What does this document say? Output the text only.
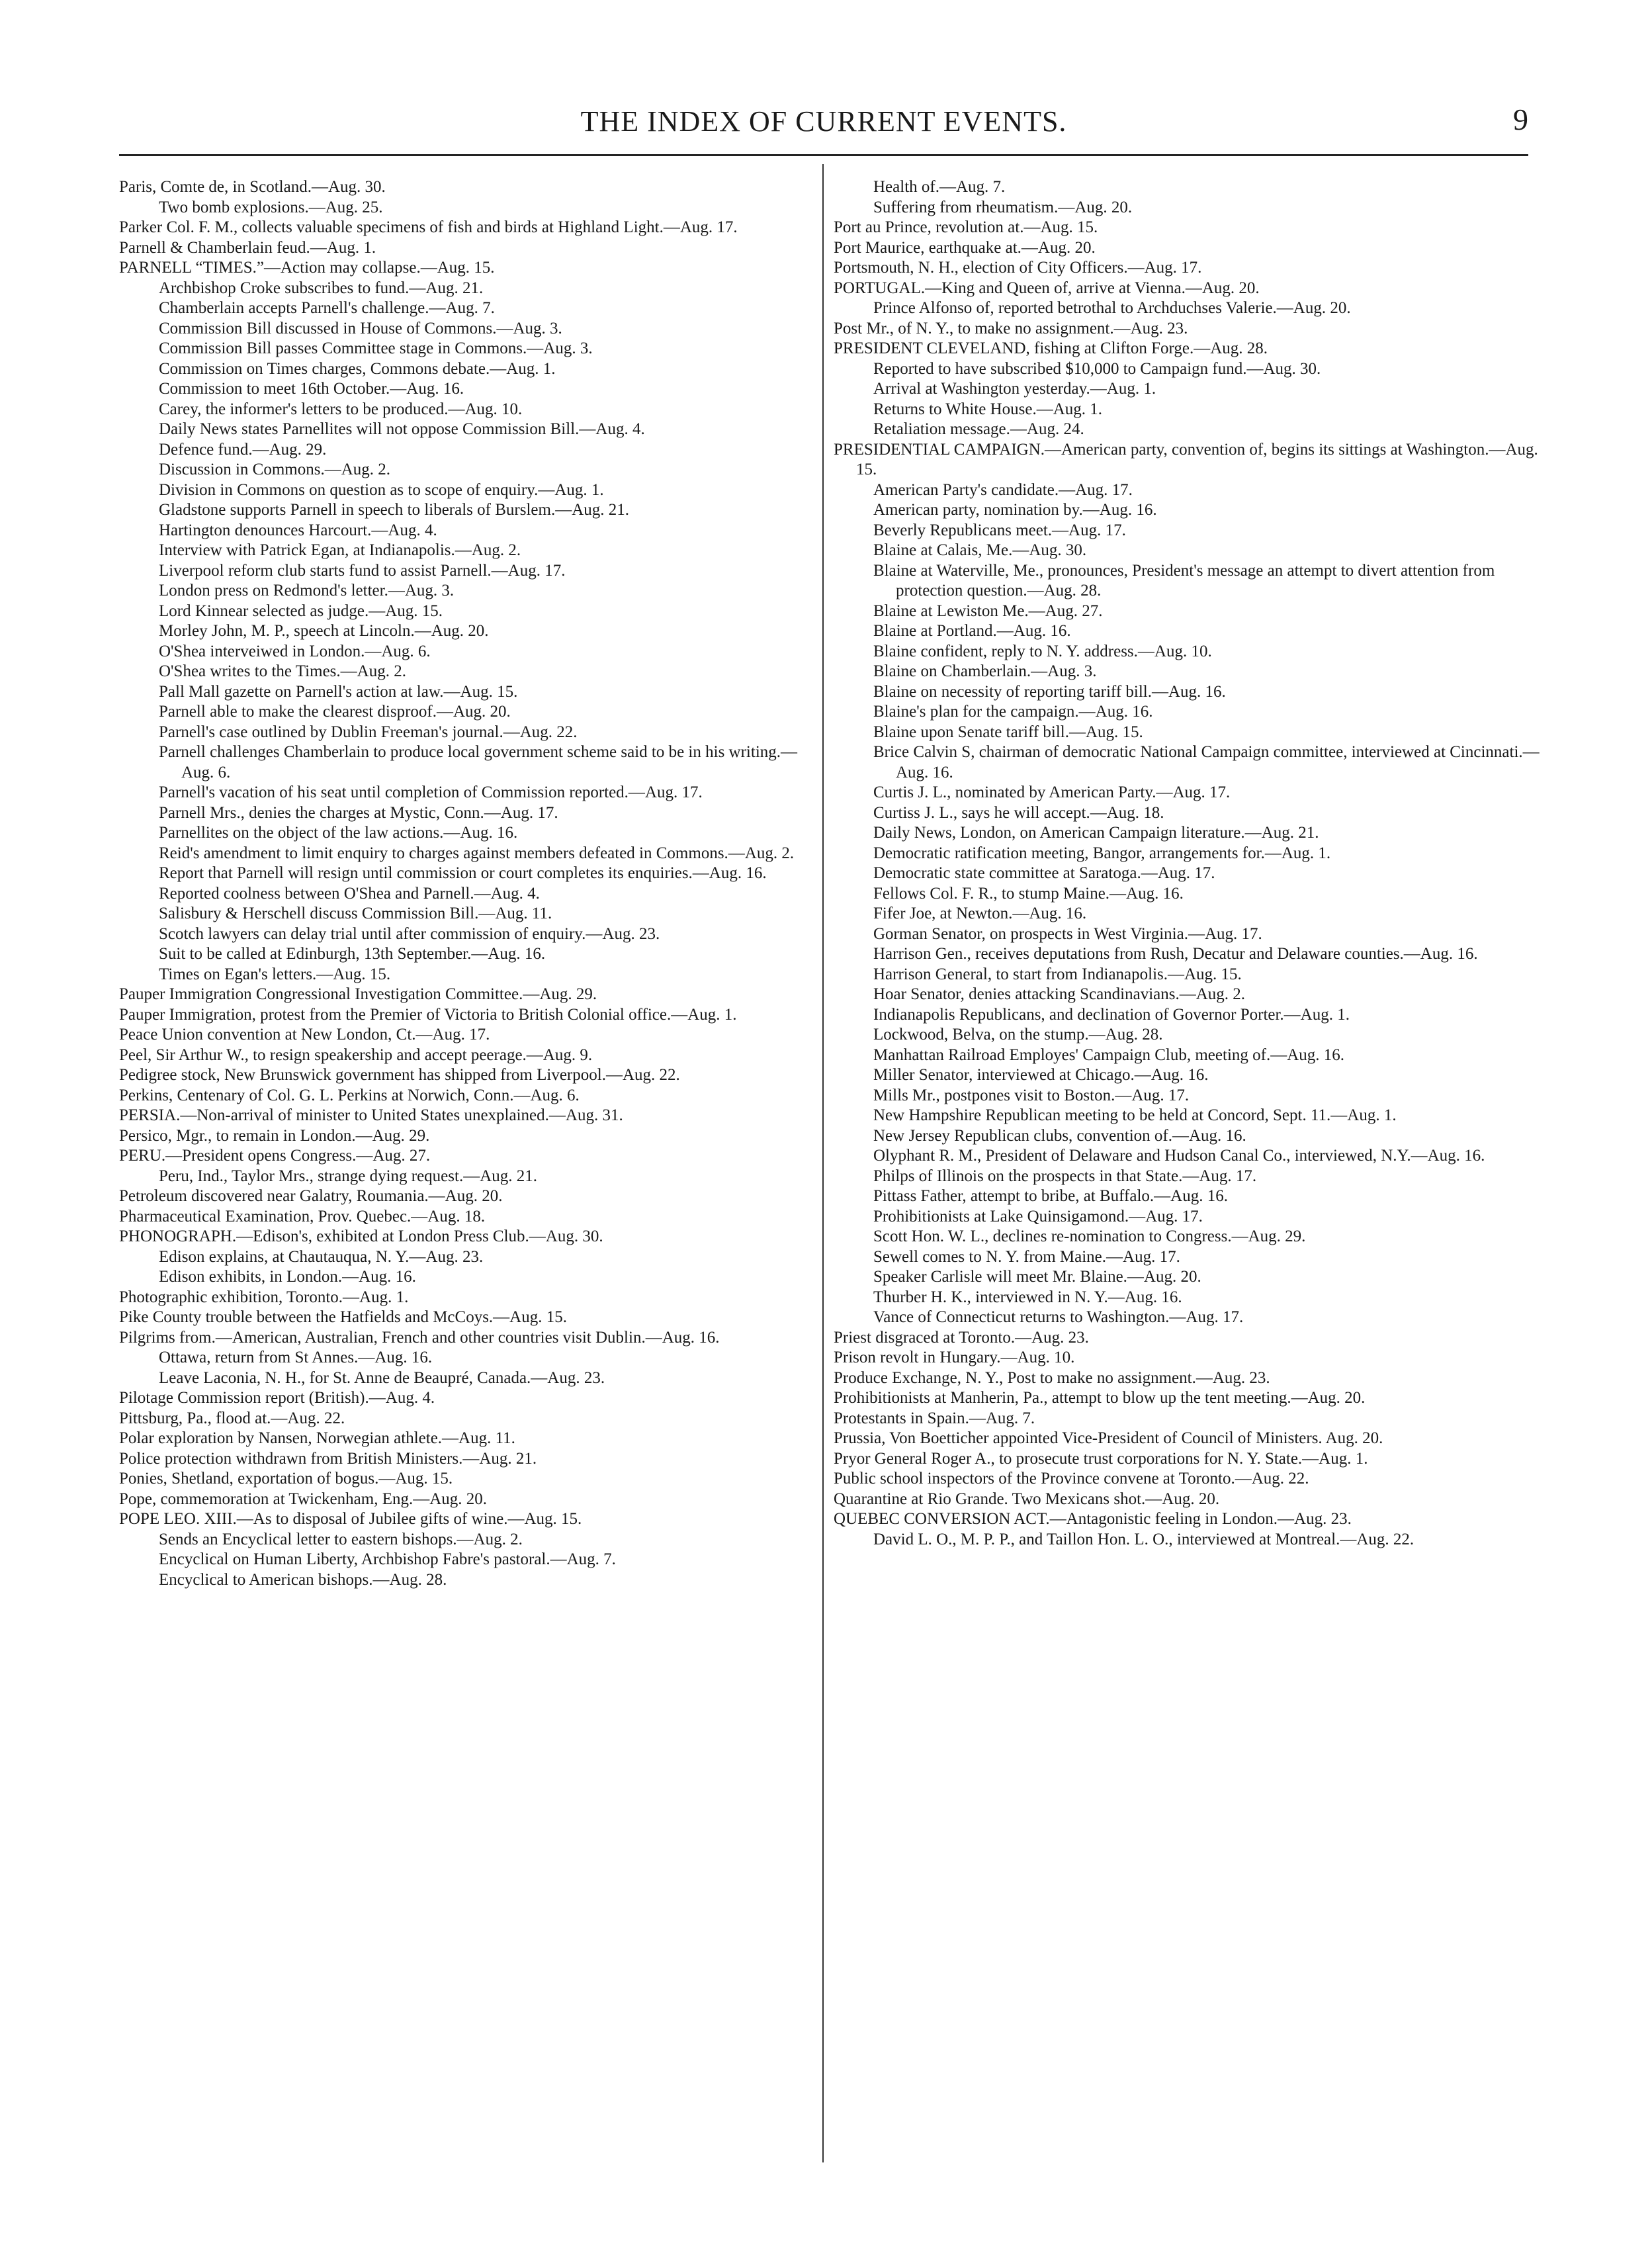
THE INDEX OF CURRENT EVENTS.	9

Paris, Comte de, in Scotland.—Aug. 30.

Two bomb explosions.—Aug. 25.

Parker Col. F. M., collects valuable specimens of fish and birds at Highland Light.—Aug. 17.

Parnell & Chamberlain feud.—Aug. 1.

PARNELL “TIMES.”—Action may collapse.—Aug. 15.

Archbishop Croke subscribes to fund.—Aug. 21.

Chamberlain accepts Parnell's challenge.—Aug. 7.

Commission Bill discussed in House of Commons.—Aug. 3.

Commission Bill passes Committee stage in Commons.—Aug. 3.

Commission on Times charges, Commons debate.—Aug. 1.

Commission to meet 16th October.—Aug. 16.

Carey, the informer's letters to be produced.—Aug. 10.

Daily News states Parnellites will not oppose Commission Bill.—Aug. 4.

Defence fund.—Aug. 29.

Discussion in Commons.—Aug. 2.

Division in Commons on question as to scope of enquiry.—Aug. 1.

Gladstone supports Parnell in speech to liberals of Burslem.—Aug. 21.

Hartington denounces Harcourt.—Aug. 4.

Interview with Patrick Egan, at Indianapolis.—Aug. 2.

Liverpool reform club starts fund to assist Parnell.—Aug. 17.

London press on Redmond's letter.—Aug. 3.

Lord Kinnear selected as judge.—Aug. 15.

Morley John, M. P., speech at Lincoln.—Aug. 20.

O'Shea interveiwed in London.—Aug. 6.

O'Shea writes to the Times.—Aug. 2.

Pall Mall gazette on Parnell's action at law.—Aug. 15.

Parnell able to make the clearest disproof.—Aug. 20.

Parnell's case outlined by Dublin Freeman's journal.—Aug. 22.

Parnell challenges Chamberlain to produce local government scheme said to be in his writing.—Aug. 6.

Parnell's vacation of his seat until completion of Commission reported.—Aug. 17.

Parnell Mrs., denies the charges at Mystic, Conn.—Aug. 17.

Parnellites on the object of the law actions.—Aug. 16.

Reid's amendment to limit enquiry to charges against members defeated in Commons.—Aug. 2.

Report that Parnell will resign until commission or court completes its enquiries.—Aug. 16.

Reported coolness between O'Shea and Parnell.—Aug. 4.

Salisbury & Herschell discuss Commission Bill.—Aug. 11.

Scotch lawyers can delay trial until after commission of enquiry.—Aug. 23.

Suit to be called at Edinburgh, 13th September.—Aug. 16.

Times on Egan's letters.—Aug. 15.

Pauper Immigration Congressional Investigation Committee.—Aug. 29.

Pauper Immigration, protest from the Premier of Victoria to British Colonial office.—Aug. 1.

Peace Union convention at New London, Ct.—Aug. 17.

Peel, Sir Arthur W., to resign speakership and accept peerage.—Aug. 9.

Pedigree stock, New Brunswick government has shipped from Liverpool.—Aug. 22.

Perkins, Centenary of Col. G. L. Perkins at Norwich, Conn.—Aug. 6.

PERSIA.—Non-arrival of minister to United States unexplained.—Aug. 31.

Persico, Mgr., to remain in London.—Aug. 29.

PERU.—President opens Congress.—Aug. 27.

Peru, Ind., Taylor Mrs., strange dying request.—Aug. 21.

Petroleum discovered near Galatry, Roumania.—Aug. 20.

Pharmaceutical Examination, Prov. Quebec.—Aug. 18.

PHONOGRAPH.—Edison's, exhibited at London Press Club.—Aug. 30.

Edison explains, at Chautauqua, N. Y.—Aug. 23.

Edison exhibits, in London.—Aug. 16.

Photographic exhibition, Toronto.—Aug. 1.

Pike County trouble between the Hatfields and McCoys.—Aug. 15.

Pilgrims from.—American, Australian, French and other countries visit Dublin.—Aug. 16.

Ottawa, return from St Annes.—Aug. 16.

Leave Laconia, N. H., for St. Anne de Beaupré, Canada.—Aug. 23.

Pilotage Commission report (British).—Aug. 4.

Pittsburg, Pa., flood at.—Aug. 22.

Polar exploration by Nansen, Norwegian athlete.—Aug. 11.

Police protection withdrawn from British Ministers.—Aug. 21.

Ponies, Shetland, exportation of bogus.—Aug. 15.

Pope, commemoration at Twickenham, Eng.—Aug. 20.

POPE LEO. XIII.—As to disposal of Jubilee gifts of wine.—Aug. 15.

Sends an Encyclical letter to eastern bishops.—Aug. 2.

Encyclical on Human Liberty, Archbishop Fabre's pastoral.—Aug. 7.

Encyclical to American bishops.—Aug. 28.

Health of.—Aug. 7.

Suffering from rheumatism.—Aug. 20.

Port au Prince, revolution at.—Aug. 15.

Port Maurice, earthquake at.—Aug. 20.

Portsmouth, N. H., election of City Officers.—Aug. 17.

PORTUGAL.—King and Queen of, arrive at Vienna.—Aug. 20.

Prince Alfonso of, reported betrothal to Archduchses Valerie.—Aug. 20.

Post Mr., of N. Y., to make no assignment.—Aug. 23.

PRESIDENT CLEVELAND, fishing at Clifton Forge.—Aug. 28.

Reported to have subscribed $10,000 to Campaign fund.—Aug. 30.

Arrival at Washington yesterday.—Aug. 1.

Returns to White House.—Aug. 1.

Retaliation message.—Aug. 24.

PRESIDENTIAL CAMPAIGN.—American party, convention of, begins its sittings at Washington.—Aug. 15.

American Party's candidate.—Aug. 17.

American party, nomination by.—Aug. 16.

Beverly Republicans meet.—Aug. 17.

Blaine at Calais, Me.—Aug. 30.

Blaine at Waterville, Me., pronounces, President's message an attempt to divert attention from protection question.—Aug. 28.

Blaine at Lewiston Me.—Aug. 27.

Blaine at Portland.—Aug. 16.

Blaine confident, reply to N. Y. address.—Aug. 10.

Blaine on Chamberlain.—Aug. 3.

Blaine on necessity of reporting tariff bill.—Aug. 16.

Blaine's plan for the campaign.—Aug. 16.

Blaine upon Senate tariff bill.—Aug. 15.

Brice Calvin S, chairman of democratic National Campaign committee, interviewed at Cincinnati.—Aug. 16.

Curtis J. L., nominated by American Party.—Aug. 17.

Curtiss J. L., says he will accept.—Aug. 18.

Daily News, London, on American Campaign literature.—Aug. 21.

Democratic ratification meeting, Bangor, arrangements for.—Aug. 1.

Democratic state committee at Saratoga.—Aug. 17.

Fellows Col. F. R., to stump Maine.—Aug. 16.

Fifer Joe, at Newton.—Aug. 16.

Gorman Senator, on prospects in West Virginia.—Aug. 17.

Harrison Gen., receives deputations from Rush, Decatur and Delaware counties.—Aug. 16.

Harrison General, to start from Indianapolis.—Aug. 15.

Hoar Senator, denies attacking Scandinavians.—Aug. 2.

Indianapolis Republicans, and declination of Governor Porter.—Aug. 1.

Lockwood, Belva, on the stump.—Aug. 28.

Manhattan Railroad Employes' Campaign Club, meeting of.—Aug. 16.

Miller Senator, interviewed at Chicago.—Aug. 16.

Mills Mr., postpones visit to Boston.—Aug. 17.

New Hampshire Republican meeting to be held at Concord, Sept. 11.—Aug. 1.

New Jersey Republican clubs, convention of.—Aug. 16.

Olyphant R. M., President of Delaware and Hudson Canal Co., interviewed, N.Y.—Aug. 16.

Philps of Illinois on the prospects in that State.—Aug. 17.

Pittass Father, attempt to bribe, at Buffalo.—Aug. 16.

Prohibitionists at Lake Quinsigamond.—Aug. 17.

Scott Hon. W. L., declines re-nomination to Congress.—Aug. 29.

Sewell comes to N. Y. from Maine.—Aug. 17.

Speaker Carlisle will meet Mr. Blaine.—Aug. 20.

Thurber H. K., interviewed in N. Y.—Aug. 16.

Vance of Connecticut returns to Washington.—Aug. 17.

Priest disgraced at Toronto.—Aug. 23.

Prison revolt in Hungary.—Aug. 10.

Produce Exchange, N. Y., Post to make no assignment.—Aug. 23.

Prohibitionists at Manherin, Pa., attempt to blow up the tent meeting.—Aug. 20.

Protestants in Spain.—Aug. 7.

Prussia, Von Boetticher appointed Vice-President of Council of Ministers. Aug. 20.

Pryor General Roger A., to prosecute trust corporations for N. Y. State.—Aug. 1.

Public school inspectors of the Province convene at Toronto.—Aug. 22.

Quarantine at Rio Grande. Two Mexicans shot.—Aug. 20.

QUEBEC CONVERSION ACT.—Antagonistic feeling in London.—Aug. 23.

David L. O., M. P. P., and Taillon Hon. L. O., interviewed at Montreal.—Aug. 22.
